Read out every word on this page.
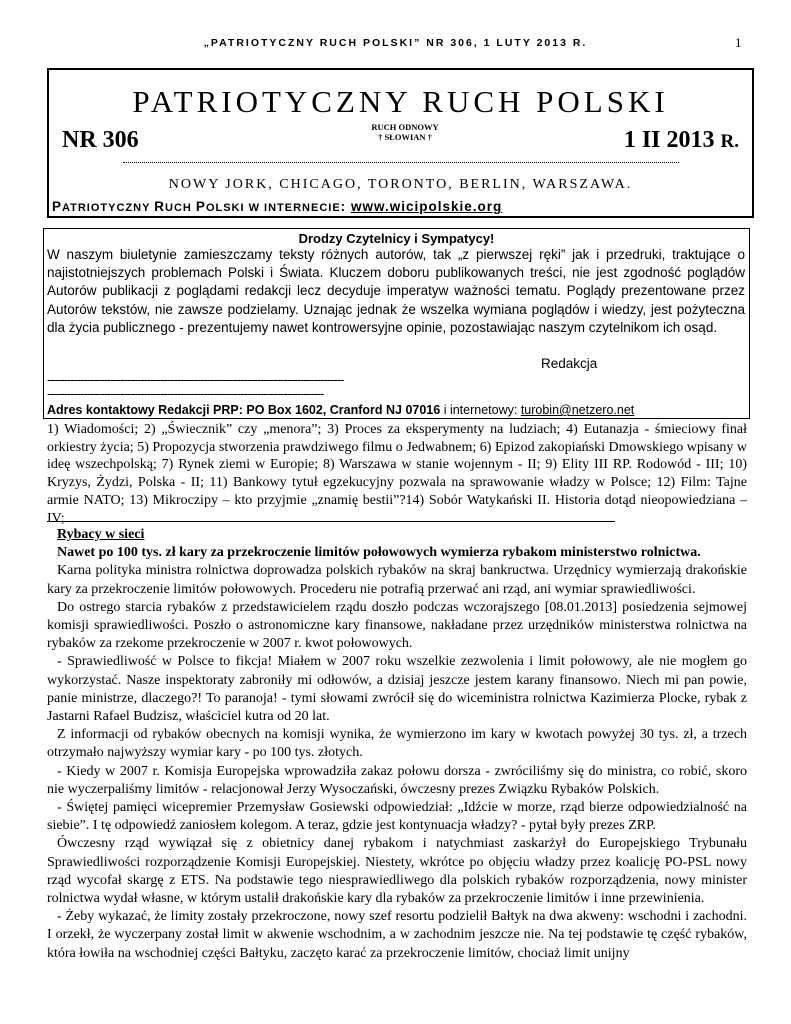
„PATRIOTYCZNY RUCH POLSKI” NR 306, 1 LUTY 2013 R.	1
PATRIOTYCZNY RUCH POLSKI
NR 306	RUCH ODNOWY
† SŁOWIAN †	1 II 2013 R.
NOWY JORK, CHICAGO, TORONTO, BERLIN, WARSZAWA.
PATRIOTYCZNY RUCH POLSKI W INTERNECIE: www.wicipolskie.org
Drodzy Czytelnicy i Sympatycy!
W naszym biuletynie zamieszczamy teksty różnych autorów, tak „z pierwszej ręki” jak i przedruki, traktujące o najistotniejszych problemach Polski i Świata. Kluczem doboru publikowanych treści, nie jest zgodność poglądów Autorów publikacji z poglądami redakcji lecz decyduje imperatyw ważności tematu. Poglądy prezentowane przez Autorów tekstów, nie zawsze podzielamy. Uznając jednak że wszelka wymiana poglądów i wiedzy, jest pożyteczna dla życia publicznego - prezentujemy nawet kontrowersyjne opinie, pozostawiając naszym czytelnikom ich osąd.
Redakcja
-----------------------------------------------------------------------------------------
-----------------------------------------------------------------------------------
Adres kontaktowy Redakcji PRP: PO Box 1602, Cranford NJ 07016 i internetowy: turobin@netzero.net
1) Wiadomości; 2) „Świecznik” czy „menora”; 3) Proces za eksperymenty na ludziach; 4) Eutanazja - śmieciowy finał orkiestry życia; 5) Propozycja stworzenia prawdziwego filmu o Jedwabnem; 6) Epizod zakopiański Dmowskiego wpisany w ideę wszechpolską; 7) Rynek ziemi w Europie; 8) Warszawa w stanie wojennym - II; 9) Elity III RP. Rodowód - III; 10) Kryzys, Żydzi, Polska - II; 11) Bankowy tytuł egzekucyjny pozwala na sprawowanie władzy w Polsce; 12) Film: Tajne armie NATO; 13) Mikroczipy – kto przyjmie „znamię bestii”?14) Sobór Watykański II. Historia dotąd nieopowiedziana – IV;
Rybacy w sieci
Nawet po 100 tys. zł kary za przekroczenie limitów połowowych wymierza rybakom ministerstwo rolnictwa.

Karna polityka ministra rolnictwa doprowadza polskich rybaków na skraj bankructwa. Urzędnicy wymierzają drakońskie kary za przekroczenie limitów połowowych. Procederu nie potrafią przerwać ani rząd, ani wymiar sprawiedliwości.

Do ostrego starcia rybaków z przedstawicielem rządu doszło podczas wczorajszego [08.01.2013] posiedzenia sejmowej komisji sprawiedliwości. Poszło o astronomiczne kary finansowe, nakładane przez urzędników ministerstwa rolnictwa na rybaków za rzekome przekroczenie w 2007 r. kwot połowowych.

- Sprawiedliwość w Polsce to fikcja! Miałem w 2007 roku wszelkie zezwolenia i limit połowowy, ale nie mogłem go wykorzystać. Nasze inspektoraty zabroniły mi odłowów, a dzisiaj jeszcze jestem karany finansowo. Niech mi pan powie, panie ministrze, dlaczego?! To paranoja! - tymi słowami zwrócił się do wiceministra rolnictwa Kazimierza Plocke, rybak z Jastarni Rafael Budzisz, właściciel kutra od 20 lat.

Z informacji od rybaków obecnych na komisji wynika, że wymierzono im kary w kwotach powyżej 30 tys. zł, a trzech otrzymało najwyższy wymiar kary - po 100 tys. złotych.

- Kiedy w 2007 r. Komisja Europejska wprowadziła zakaz połowu dorsza - zwróciliśmy się do ministra, co robić, skoro nie wyczerpaliśmy limitów - relacjonował Jerzy Wysoczański, ówczesny prezes Związku Rybaków Polskich.

- Świętej pamięci wicepremier Przemysław Gosiewski odpowiedział: „Idźcie w morze, rząd bierze odpowiedzialność na siebie”. I tę odpowiedź zaniosłem kolegom. A teraz, gdzie jest kontynuacja władzy? - pytał były prezes ZRP.

Ówczesny rząd wywiązał się z obietnicy danej rybakom i natychmiast zaskarżył do Europejskiego Trybunału Sprawiedliwości rozporządzenie Komisji Europejskiej. Niestety, wkrótce po objęciu władzy przez koalicję PO-PSL nowy rząd wycofał skargę z ETS. Na podstawie tego niesprawiedliwego dla polskich rybaków rozporządzenia, nowy minister rolnictwa wydał własne, w którym ustalił drakońskie kary dla rybaków za przekroczenie limitów i inne przewinienia.

- Żeby wykazać, że limity zostały przekroczone, nowy szef resortu podzielił Bałtyk na dwa akweny: wschodni i zachodni. I orzekł, że wyczerpany został limit w akwenie wschodnim, a w zachodnim jeszcze nie. Na tej podstawie tę część rybaków, która łowiła na wschodniej części Bałtyku, zaczęto karać za przekroczenie limitów, chociaż limit unijny
